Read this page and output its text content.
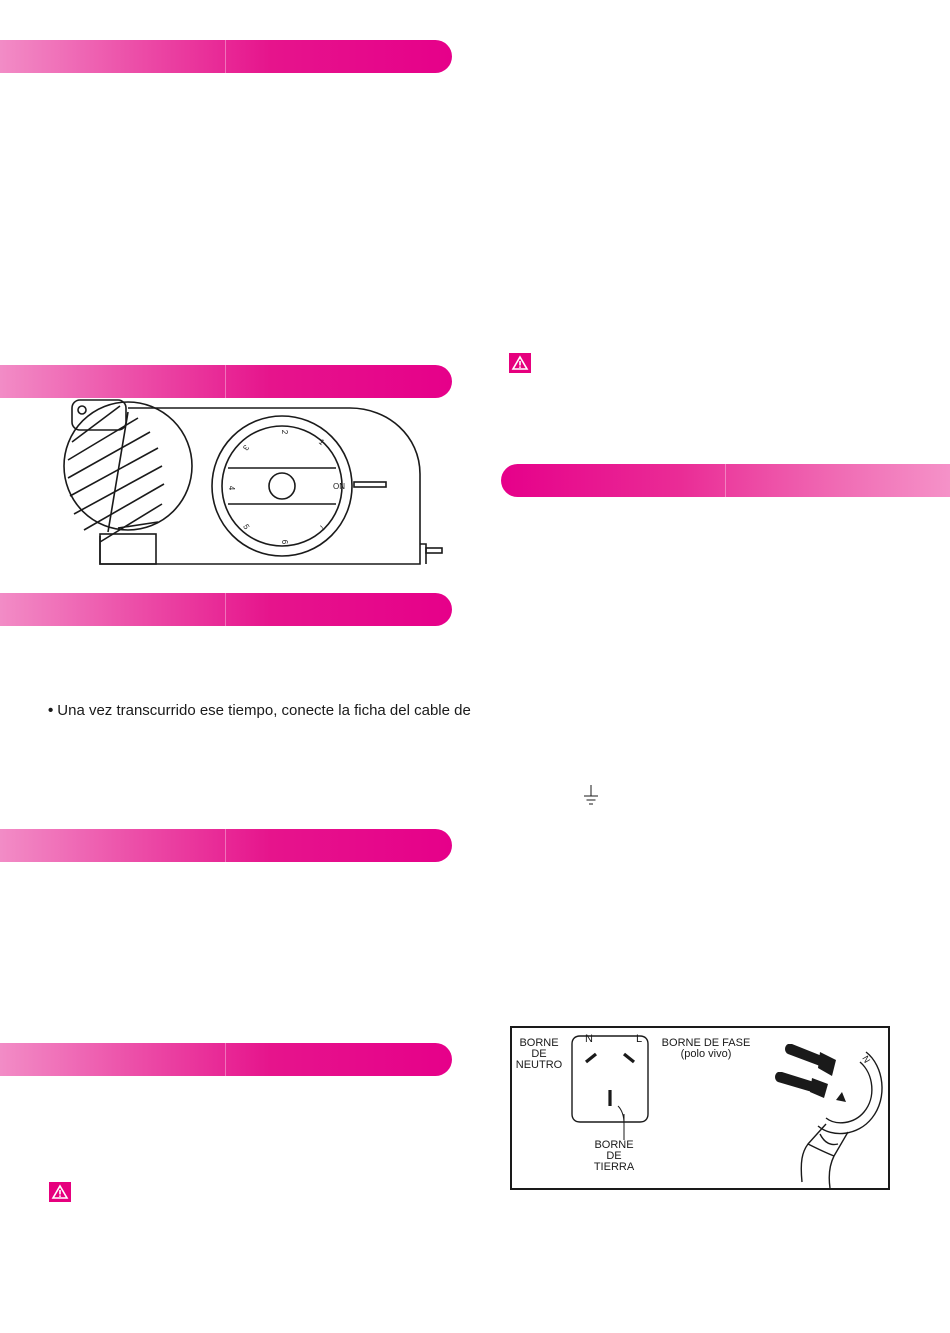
1
2
3
4
5
6
7
ON

• Una vez transcurrido ese tiempo, conecte la ficha del cable de

BORNE
DE
NEUTRO
BORNE DE FASE
(polo vivo)
N	L
BORNE
DE
TIERRA
N
